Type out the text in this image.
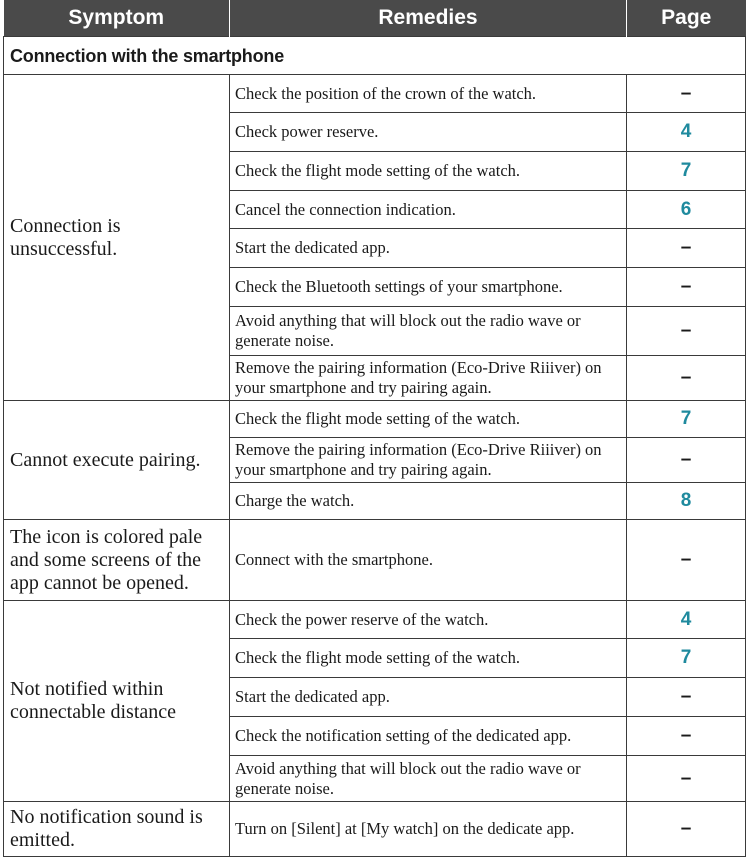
Symptom	Remedies	Page
Connection with the smartphone		
Connection is unsuccessful.	Check the position of the crown of the watch.	–
	Check power reserve.	4
	Check the flight mode setting of the watch.	7
	Cancel the connection indication.	6
	Start the dedicated app.	–
	Check the Bluetooth settings of your smartphone.	–
	Avoid anything that will block out the radio wave or generate noise.	–
	Remove the pairing information (Eco-Drive Riiiver) on your smartphone and try pairing again.	–
Cannot execute pairing.	Check the flight mode setting of the watch.	7
	Remove the pairing information (Eco-Drive Riiiver) on your smartphone and try pairing again.	–
	Charge the watch.	8
The icon is colored pale and some screens of the app cannot be opened.	Connect with the smartphone.	–
Not notified within connectable distance	Check the power reserve of the watch.	4
	Check the flight mode setting of the watch.	7
	Start the dedicated app.	–
	Check the notification setting of the dedicated app.	–
	Avoid anything that will block out the radio wave or generate noise.	–
No notification sound is emitted.	Turn on [Silent] at [My watch] on the dedicate app.	–
